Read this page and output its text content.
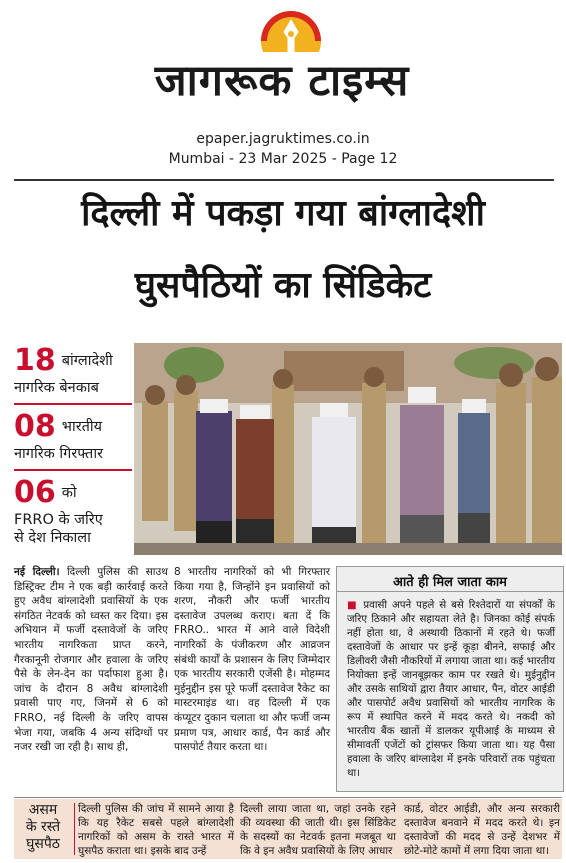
जागरूक टाइम्स
epaper.jagruktimes.co.in
Mumbai - 23 Mar 2025 - Page 12
दिल्ली में पकड़ा गया बांग्लादेशी
घुसपैठियों का सिंडिकेट
18 बांग्लादेशी
नागरिक बेनकाब
08 भारतीय
नागरिक गिरफ्तार
06 को
FRRO के जरिए
से देश निकाला
नई दिल्ली। दिल्ली पुलिस की साउथ डिस्ट्रिक्ट टीम ने एक बड़ी कार्रवाई करते हुए अवैध बांग्लादेशी प्रवासियों के एक संगठित नेटवर्क को ध्वस्त कर दिया। इस अभियान में फर्जी दस्तावेजों के जरिए भारतीय नागरिकता प्राप्त करने, गैरकानूनी रोजगार और हवाला के जरिए पैसे के लेन-देन का पर्दाफाश हुआ है। जांच के दौरान 8 अवैध बांग्लादेशी प्रवासी पाए गए, जिनमें से 6 को FRRO, नई दिल्ली के जरिए वापस भेजा गया, जबकि 4 अन्य संदिग्धों पर नजर रखी जा रही है। साथ ही,
8 भारतीय नागरिकों को भी गिरफ्तार किया गया है, जिन्होंने इन प्रवासियों को शरण, नौकरी और फर्जी भारतीय दस्तावेज उपलब्ध कराए। बता दें कि FRRO.. भारत में आने वाले विदेशी नागरिकों के पंजीकरण और आव्रजन संबंधी कार्यों के प्रशासन के लिए जिम्मेदार एक भारतीय सरकारी एजेंसी है। मोहम्मद मुईनुद्दीन इस पूरे फर्जी दस्तावेज रैकेट का मास्टरमाइंड था। वह दिल्ली में एक कंप्यूटर दुकान चलाता था और फर्जी जन्म प्रमाण पत्र, आधार कार्ड, पैन कार्ड और पासपोर्ट तैयार करता था।
आते ही मिल जाता काम
■ प्रवासी अपने पहले से बसे रिश्तेदारों या संपर्कों के जरिए ठिकाने और सहायता लेते है। जिनका कोई संपर्क नहीं होता था, वे अस्थायी ठिकानों में रहते थे। फर्जी दस्तावेजों के आधार पर इन्हें कूड़ा बीनने, सफाई और डिलीवरी जैसी नौकरियों में लगाया जाता था। कई भारतीय नियोक्ता इन्हें जानबूझकर काम पर रखते थे। मुईनुद्दीन और उसके साथियों द्वारा तैयार आधार, पैन, वोटर आईडी और पासपोर्ट अवैध प्रवासियों को भारतीय नागरिक के रूप में स्थापित करने में मदद करते थे। नकदी को भारतीय बैंक खातों में डालकर यूपीआई के माध्यम से सीमावर्ती एजेंटों को ट्रांसफर किया जाता था। यह पैसा हवाला के जरिए बांग्लादेश में इनके परिवारों तक पहुंचता था।
असम
के रस्ते
घुसपैठ
दिल्ली पुलिस की जांच में सामने आया है कि यह रैकेट सबसे पहले बांग्लादेशी नागरिकों को असम के रास्ते भारत में घुसपैठ कराता था। इसके बाद उन्हें
दिल्ली लाया जाता था, जहां उनके रहने की व्यवस्था की जाती थी। इस सिंडिकेट के सदस्यों का नेटवर्क इतना मजबूत था कि वे इन अवैध प्रवासियों के लिए आधार
कार्ड, वोटर आईडी, और अन्य सरकारी दस्तावेज बनवाने में मदद करते थे। इन दस्तावेजों की मदद से उन्हें देशभर में छोटे-मोटे कामों में लगा दिया जाता था।
